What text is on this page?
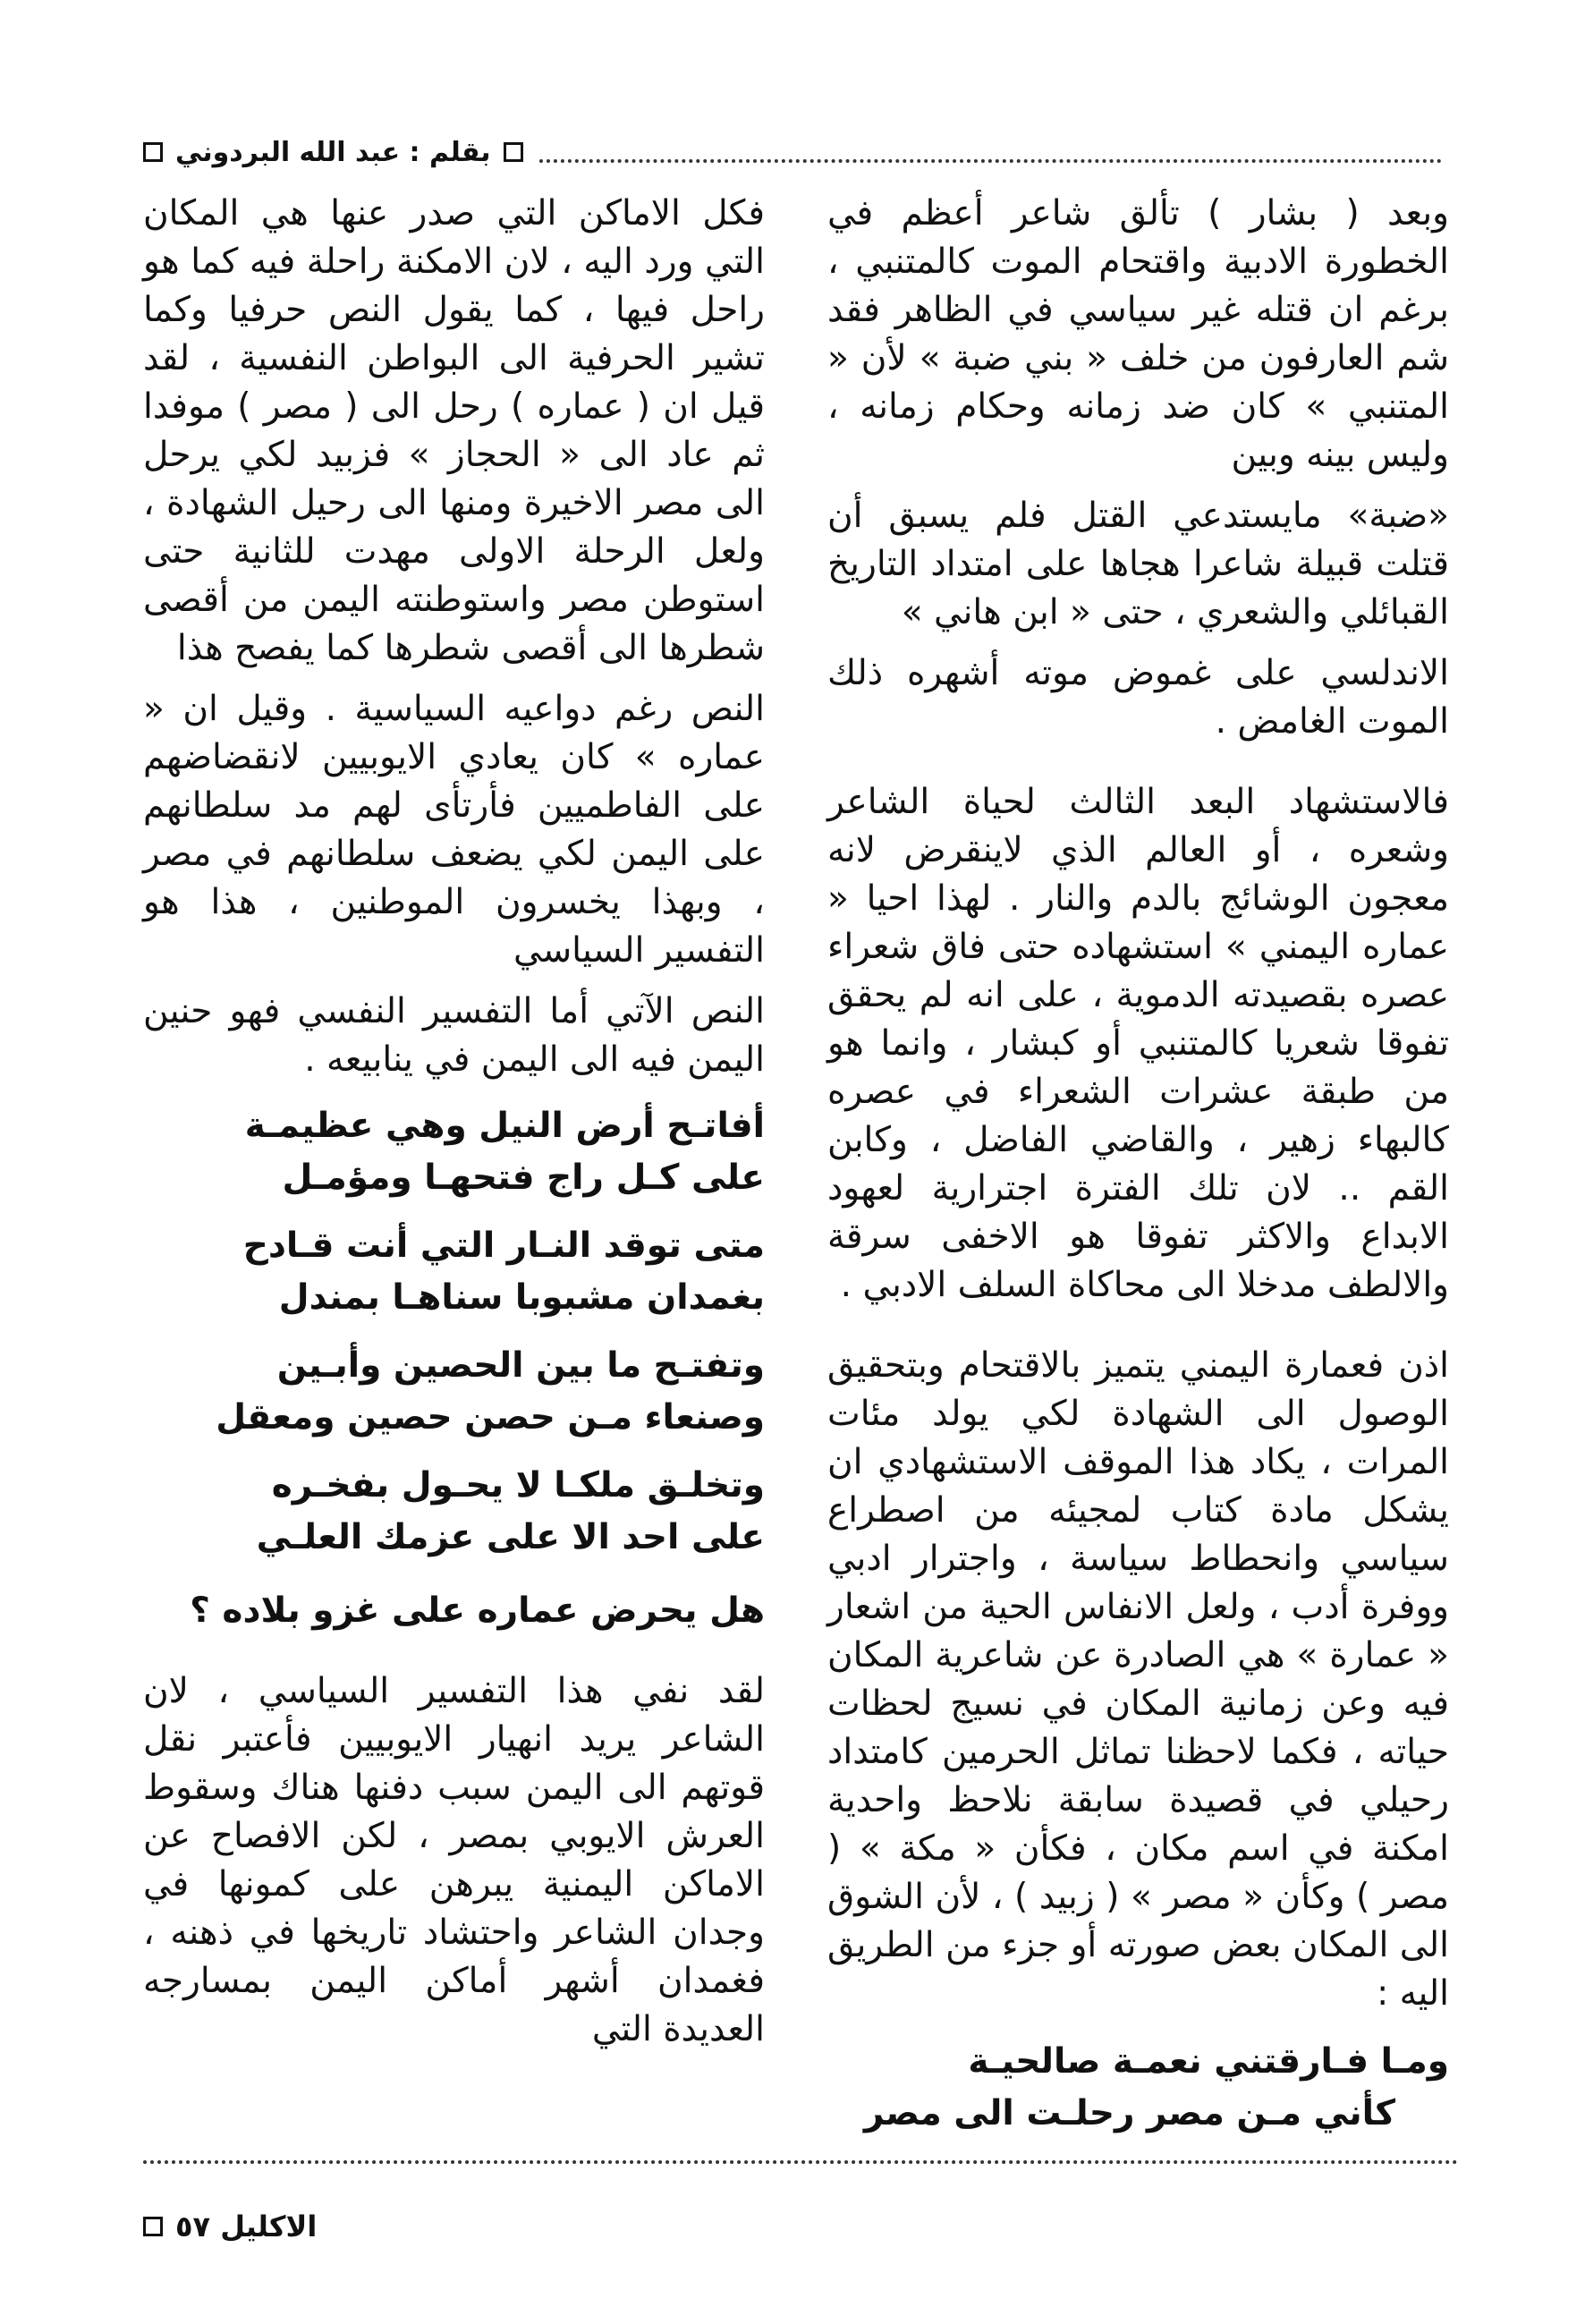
بقلم : عبد الله البردوني

وبعد ( بشار ) تألق شاعر أعظم في الخطورة الادبية واقتحام الموت كالمتنبي ، برغم ان قتله غير سياسي في الظاهر فقد شم العارفون من خلف « بني ضبة » لأن « المتنبي » كان ضد زمانه وحكام زمانه ، وليس بينه وبين

«ضبة» مايستدعي القتل فلم يسبق أن قتلت قبيلة شاعرا هجاها على امتداد التاريخ القبائلي والشعري ، حتى « ابن هاني »

الاندلسي على غموض موته أشهره ذلك الموت الغامض .

فالاستشهاد البعد الثالث لحياة الشاعر وشعره ، أو العالم الذي لاينقرض لانه معجون الوشائج بالدم والنار . لهذا احيا « عماره اليمني » استشهاده حتى فاق شعراء عصره بقصيدته الدموية ، على انه لم يحقق تفوقا شعريا كالمتنبي أو كبشار ، وانما هو من طبقة عشرات الشعراء في عصره كالبهاء زهير ، والقاضي الفاضل ، وكابن القم .. لان تلك الفترة اجترارية لعهود الابداع والاكثر تفوقا هو الاخفى سرقة والالطف مدخلا الى محاكاة السلف الادبي .

اذن فعمارة اليمني يتميز بالاقتحام وبتحقيق الوصول الى الشهادة لكي يولد مئات المرات ، يكاد هذا الموقف الاستشهادي ان يشكل مادة كتاب لمجيئه من اصطراع سياسي وانحطاط سياسة ، واجترار ادبي ووفرة أدب ، ولعل الانفاس الحية من اشعار « عمارة » هي الصادرة عن شاعرية المكان فيه وعن زمانية المكان في نسيج لحظات حياته ، فكما لاحظنا تماثل الحرمين كامتداد رحيلي في قصيدة سابقة نلاحظ واحدية امكنة في اسم مكان ، فكأن « مكة » ( مصر ) وكأن « مصر » ( زبيد ) ، لأن الشوق الى المكان بعض صورته أو جزء من الطريق اليه :

ومـا فـارقتني نعمـة صالحيـة
كأني مـن مصر رحلـت الى مصر

فكل الاماكن التي صدر عنها هي المكان التي ورد اليه ، لان الامكنة راحلة فيه كما هو راحل فيها ، كما يقول النص حرفيا وكما تشير الحرفية الى البواطن النفسية ، لقد قيل ان ( عماره ) رحل الى ( مصر ) موفدا ثم عاد الى « الحجاز » فزبيد لكي يرحل الى مصر الاخيرة ومنها الى رحيل الشهادة ، ولعل الرحلة الاولى مهدت للثانية حتى استوطن مصر واستوطنته اليمن من أقصى شطرها الى أقصى شطرها كما يفصح هذا

النص رغم دواعيه السياسية . وقيل ان « عماره » كان يعادي الايوبيين لانقضاضهم على الفاطميين فأرتأى لهم مد سلطانهم على اليمن لكي يضعف سلطانهم في مصر ، وبهذا يخسرون الموطنين ، هذا هو التفسير السياسي

النص الآتي أما التفسير النفسي فهو حنين اليمن فيه الى اليمن في ينابيعه .

أفاتـح أرض النيل وهي عظيمـة
على كـل راج فتحهـا ومؤمـل
متى توقد النـار التي أنت قـادح
بغمدان مشبوبا سناهـا بمندل
وتفتـح ما بين الحصين وأبـين
وصنعاء مـن حصن حصين ومعقل
وتخلـق ملكـا لا يحـول بفخـره
على احد الا على عزمك العلـي
هل يحرض عماره على غزو بلاده ؟

لقد نفي هذا التفسير السياسي ، لان الشاعر يريد انهيار الايوبيين فأعتبر نقل قوتهم الى اليمن سبب دفنها هناك وسقوط العرش الايوبي بمصر ، لكن الافصاح عن الاماكن اليمنية يبرهن على كمونها في وجدان الشاعر واحتشاد تاريخها في ذهنه ، فغمدان أشهر أماكن اليمن بمسارجه العديدة التي

الاكليل ٥٧
